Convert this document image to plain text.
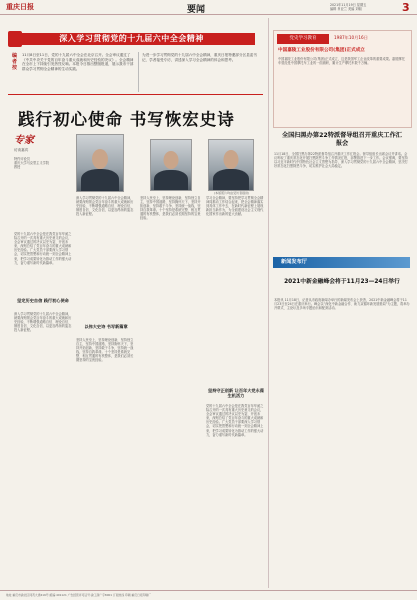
重庆日报	要闻	2021年11月19日 星期五
编辑 肖亚兰 美编 刘朝	3
深入学习贯彻党的十九届六中全会精神
编者按
11月8日至11日，党的十九届六中全会在北京召开。全会审议通过了《中共中央关于党的百年奋斗重大成就和历史经验的决议》。全会精神在全市上下持续引发热烈反响。本报今日推出整版报道，展示我市干部群众学习贯彻全会精神的生动实践。
为进一步学习贯彻党的十九届六中全会精神，重庆日报特邀部分区县委书记、学者接受专访，讲述深入学习全会精神的体会和思考。
践行初心使命 书写恢宏史诗
专家
访谈嘉宾
特约评论员
重庆大学马克思主义学院
教授
(本版照片均由受访者提供)
党的十九届六中全会是在我党百年华诞之际召开的一次具有重大历史意义的会议，全会审议通过的决议以史为鉴、开创未来，深刻总结了党百年奋斗的重大成就和历史经验。广大党员干部要深入学习领会，切实把思想和行动统一到全会精神上来，把学习成果转化为推动工作的强大动力，奋力谱写新时代新篇章。
坚定历史自信 践行初心使命
深入学习贯彻党的十九届六中全会精神，就要深刻领会党百年奋斗的重大成就和历史经验，不断增强道路自信、理论自信、制度自信、文化自信，以更加昂扬的姿态投入新征程。
深入学习贯彻党的十九届六中全会精神，就要深刻领会党百年奋斗的重大成就和历史经验，不断增强道路自信、理论自信、制度自信、文化自信，以更加昂扬的姿态投入新征程。
以伟大史诗 书写新篇章
坚持人民至上，坚持理论创新，坚持独立自主，坚持中国道路，坚持胸怀天下，坚持开拓创新，坚持敢于斗争，坚持统一战线，坚持自我革命。十个坚持是系统完整、相互贯通的有机整体，是我们必须长期坚持的宝贵经验。
坚持人民至上，坚持理论创新，坚持独立自主，坚持中国道路，坚持胸怀天下，坚持开拓创新，坚持敢于斗争，坚持统一战线，坚持自我革命。十个坚持是系统完整、相互贯通的有机整体，是我们必须长期坚持的宝贵经验。
学习全会精神，要坚持把学习贯彻全会精神同推动工作结合起来，把全会精神落实到具体工作中去，在新时代新征程上展现新担当新作为，为全面建设社会主义现代化国家作出新的更大贡献。
坚持守正创新 让百年大党永葆生机活力
党的十九届六中全会是在我党百年华诞之际召开的一次具有重大历史意义的会议，全会审议通过的决议以史为鉴、开创未来，深刻总结了党百年奋斗的重大成就和历史经验。广大党员干部要深入学习领会，切实把思想和行动统一到全会精神上来，把学习成果转化为推动工作的强大动力，奋力谱写新时代新篇章。
党史学习教育	1987年10月16日
中国嘉陵工业股份有限公司(集团)正式成立
中国嘉陵工业股份有限公司(集团)正式成立，这是我国军工企业改革的重要成果。嘉陵摩托车曾经是中国摩托车工业的一面旗帜，累计生产摩托车数千万辆。
全国扫黑办第22特派督导组召开重庆工作汇报会
11月18日，全国扫黑办第22特派督导组召开重庆工作汇报会。督导组组长出席会议并讲话。会议听取了重庆常态化开展扫黑除恶斗争工作情况汇报，部署推进下一步工作。会议强调，要坚持以习近平新时代中国特色社会主义思想为指导，深入学习贯彻党的十九届六中全会精神，坚决打好常态化扫黑除恶斗争，切实维护社会大局稳定。
新闻发布厅
2021中新金融峰会将于11月23—24日举行
本报讯 11月18日，记者从市政府新闻办举行的新闻发布会上获悉，2021中新金融峰会将于11月23日至24日在重庆举行。峰会以“深化中新金融合作、助力双循环新发展格局”为主题，将举办开幕式、主论坛及多场专题论坛和配套活动。
地址:重庆市渝北区同茂大道416号 邮编:401121 广告经营许可证号:渝工商广字8001 订阅热线 印刷:重庆日报印刷厂
